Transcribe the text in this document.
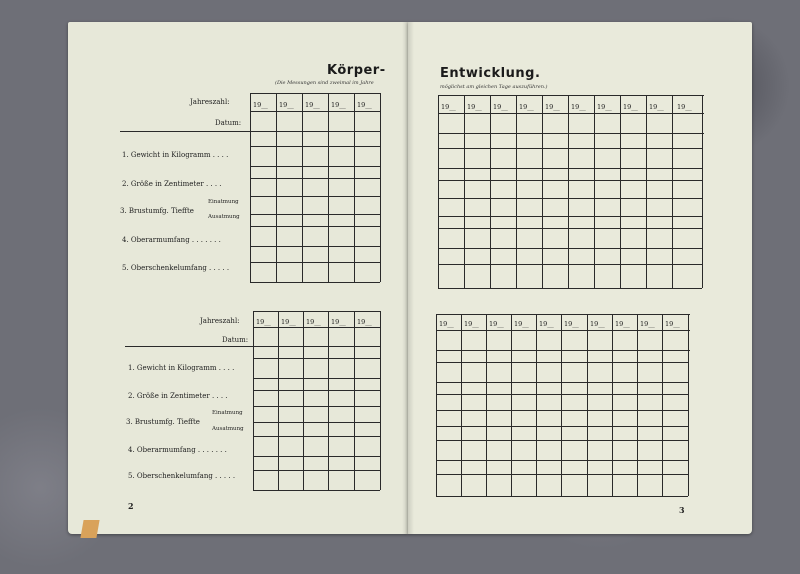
Körper-	Entwicklung.
(Die Messungen sind zweimal im Jahre
möglichst am gleichen Tage auszuführen.)
Jahreszahl:
Datum:
19__ 19__ 19__ 19__ 19__
1. Gewicht in Kilogramm . . . .
2. Größe in Zentimeter . . . .
Einatmung
3. Brustumfg. Tieffte
Ausatmung
4. Oberarmumfang . . . . . . .
5. Oberschenkelumfang . . . . .
Jahreszahl:
Datum:
19__ 19__ 19__ 19__ 19__
1. Gewicht in Kilogramm . . . .
2. Größe in Zentimeter . . . .
Einatmung
3. Brustumfg. Tieffte
Ausatmung
4. Oberarmumfang . . . . . . .
5. Oberschenkelumfang . . . . .
19__ 19__ 19__ 19__ 19__ 19__ 19__ 19__ 19__ 19__
19__ 19__ 19__ 19__ 19__ 19__ 19__ 19__ 19__ 19__
2	3
